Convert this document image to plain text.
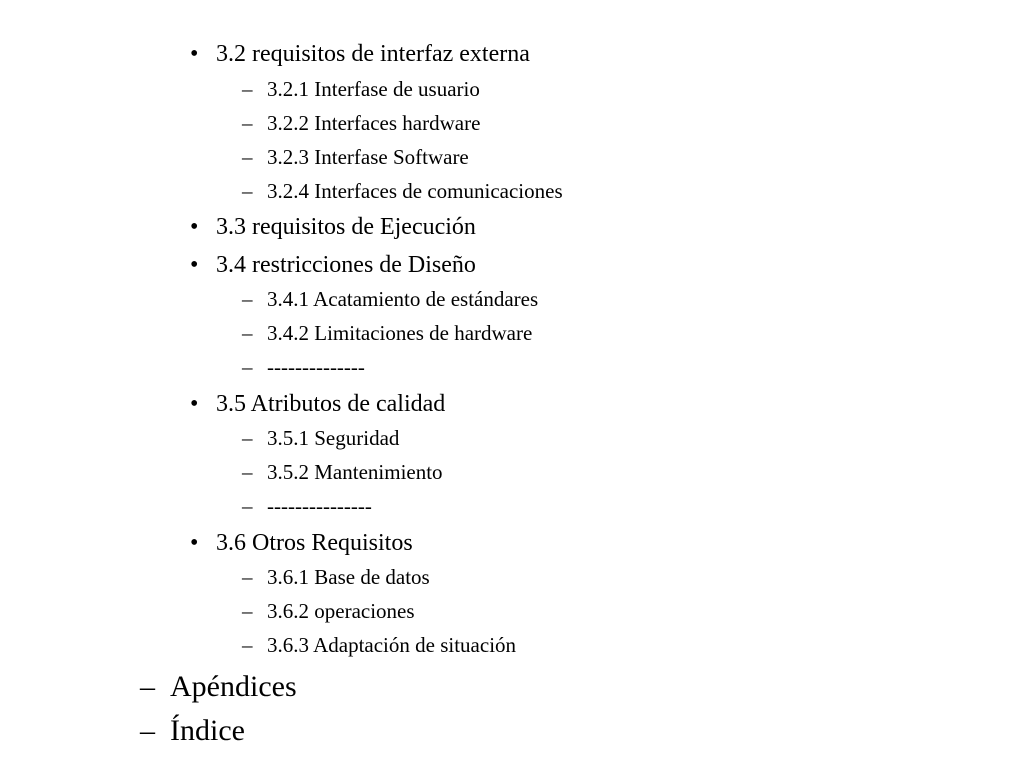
• 3.2 requisitos de interfaz externa
– 3.2.1 Interfase de usuario
– 3.2.2 Interfaces hardware
– 3.2.3 Interfase Software
– 3.2.4 Interfaces de comunicaciones
• 3.3 requisitos de Ejecución
• 3.4 restricciones de Diseño
– 3.4.1 Acatamiento de estándares
– 3.4.2 Limitaciones de hardware
– --------------
• 3.5 Atributos de calidad
– 3.5.1 Seguridad
– 3.5.2 Mantenimiento
– ---------------
• 3.6 Otros Requisitos
– 3.6.1 Base de datos
– 3.6.2 operaciones
– 3.6.3 Adaptación de situación
– Apéndices
– Índice
